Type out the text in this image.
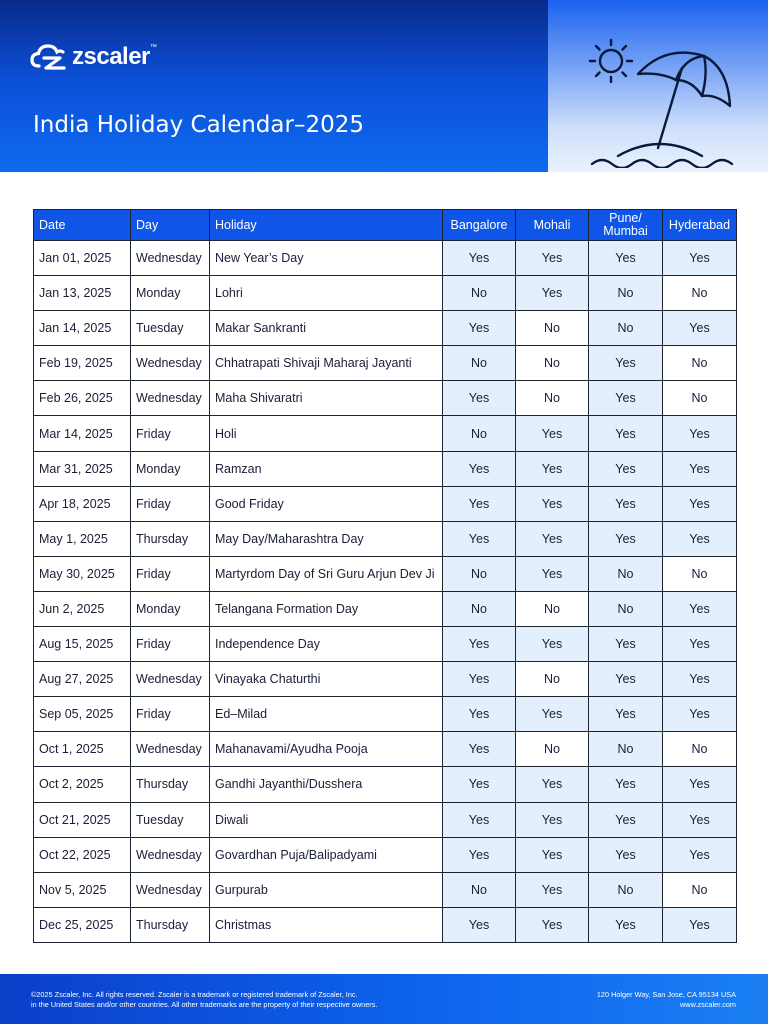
zscaler ™
India Holiday Calendar–2025
Date	Day	Holiday	Bangalore	Mohali	Pune/ Mumbai	Hyderabad
Jan 01, 2025	Wednesday	New Year’s Day	Yes	Yes	Yes	Yes
Jan 13, 2025	Monday	Lohri	No	Yes	No	No
Jan 14, 2025	Tuesday	Makar Sankranti	Yes	No	No	Yes
Feb 19, 2025	Wednesday	Chhatrapati Shivaji Maharaj Jayanti	No	No	Yes	No
Feb 26, 2025	Wednesday	Maha Shivaratri	Yes	No	Yes	No
Mar 14, 2025	Friday	Holi	No	Yes	Yes	Yes
Mar 31, 2025	Monday	Ramzan	Yes	Yes	Yes	Yes
Apr 18, 2025	Friday	Good Friday	Yes	Yes	Yes	Yes
May 1, 2025	Thursday	May Day/Maharashtra Day	Yes	Yes	Yes	Yes
May 30, 2025	Friday	Martyrdom Day of Sri Guru Arjun Dev Ji	No	Yes	No	No
Jun 2, 2025	Monday	Telangana Formation Day	No	No	No	Yes
Aug 15, 2025	Friday	Independence Day	Yes	Yes	Yes	Yes
Aug 27, 2025	Wednesday	Vinayaka Chaturthi	Yes	No	Yes	Yes
Sep 05, 2025	Friday	Ed–Milad	Yes	Yes	Yes	Yes
Oct 1, 2025	Wednesday	Mahanavami/Ayudha Pooja	Yes	No	No	No
Oct 2, 2025	Thursday	Gandhi Jayanthi/Dusshera	Yes	Yes	Yes	Yes
Oct 21, 2025	Tuesday	Diwali	Yes	Yes	Yes	Yes
Oct 22, 2025	Wednesday	Govardhan Puja/Balipadyami	Yes	Yes	Yes	Yes
Nov 5, 2025	Wednesday	Gurpurab	No	Yes	No	No
Dec 25, 2025	Thursday	Christmas	Yes	Yes	Yes	Yes
©2025 Zscaler, Inc. All rights reserved. Zscaler is a trademark or registered trademark of Zscaler, Inc.
in the United States and/or other countries. All other trademarks are the property of their respective owners.
120 Holger Way, San Jose, CA 95134 USA
www.zscaler.com
